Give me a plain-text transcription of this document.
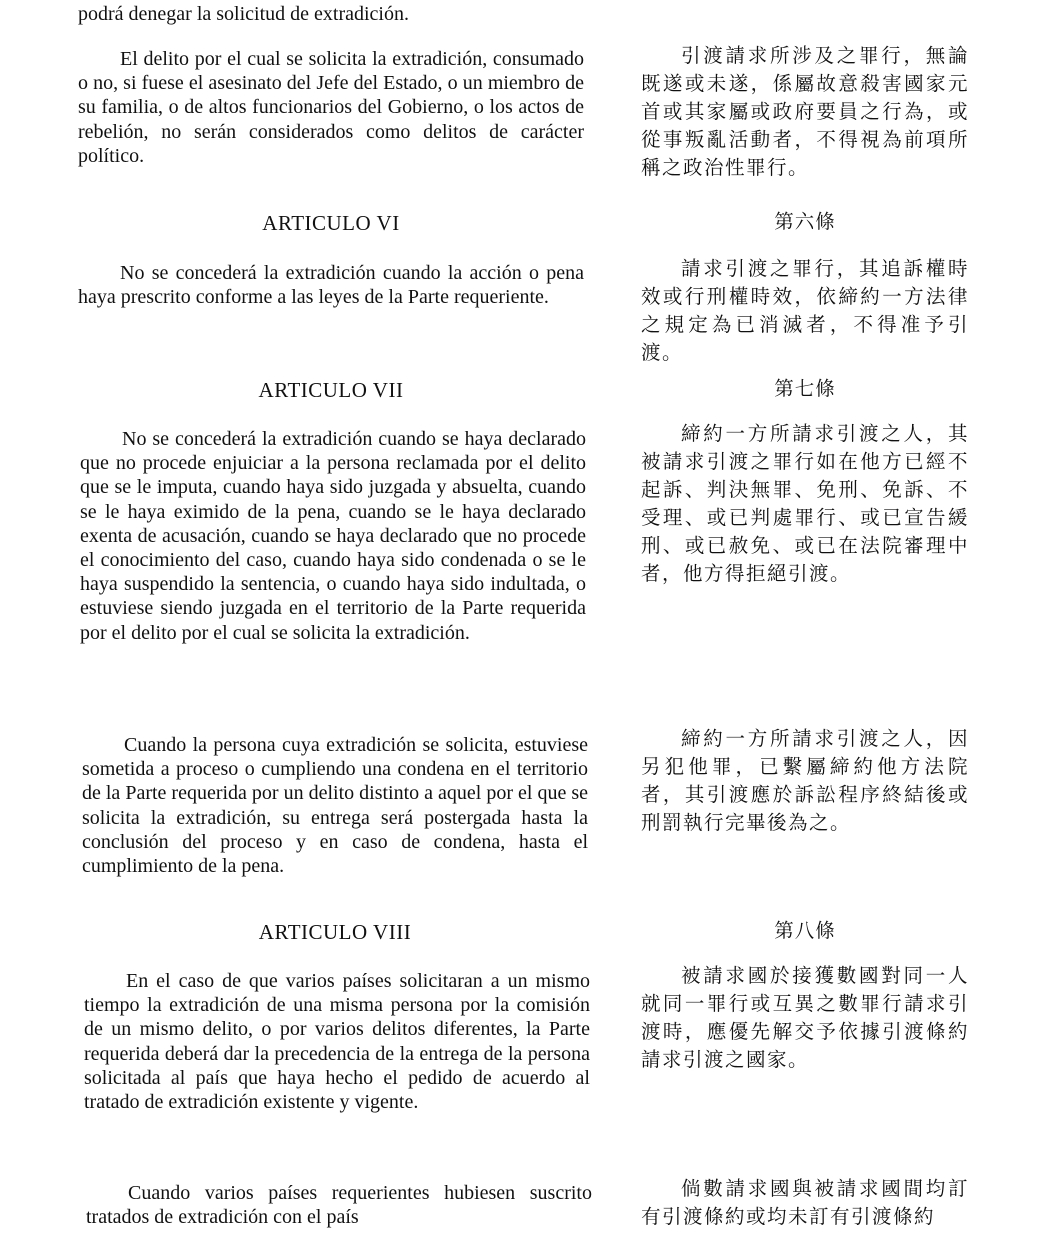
podrá denegar la solicitud de extradición.

El delito por el cual se solicita la extradición, consumado o no, si fuese el asesinato del Jefe del Estado, o un miembro de su familia, o de altos funcionarios del Gobierno, o los actos de rebelión, no serán considerados como delitos de carácter político.

ARTICULO VI

No se concederá la extradición cuando la acción o pena haya prescrito conforme a las leyes de la Parte requeriente.

ARTICULO VII

No se concederá la extradición cuando se haya declarado que no procede enjuiciar a la persona reclamada por el delito que se le imputa, cuando haya sido juzgada y absuelta, cuando se le haya eximido de la pena, cuando se le haya declarado exenta de acusación, cuando se haya declarado que no procede el conocimiento del caso, cuando haya sido condenada o se le haya suspendido la sentencia, o cuando haya sido indultada, o estuviese siendo juzgada en el territorio de la Parte requerida por el delito por el cual se solicita la extradición.

Cuando la persona cuya extradición se solicita, estuviese sometida a proceso o cumpliendo una condena en el territorio de la Parte requerida por un delito distinto a aquel por el que se solicita la extradición, su entrega será postergada hasta la conclusión del proceso y en caso de condena, hasta el cumplimiento de la pena.

ARTICULO VIII

En el caso de que varios países solicitaran a un mismo tiempo la extradición de una misma persona por la comisión de un mismo delito, o por varios delitos diferentes, la Parte requerida deberá dar la precedencia de la entrega de la persona solicitada al país que haya hecho el pedido de acuerdo al tratado de extradición existente y vigente.

Cuando varios países requerientes hubiesen suscrito tratados de extradición con el país

引渡請求所涉及之罪行，無論既遂或未遂，係屬故意殺害國家元首或其家屬或政府要員之行為，或從事叛亂活動者，不得視為前項所稱之政治性罪行。

第六條

請求引渡之罪行，其追訴權時效或行刑權時效，依締約一方法律之規定為已消滅者，不得准予引渡。

第七條

締約一方所請求引渡之人，其被請求引渡之罪行如在他方已經不起訴、判決無罪、免刑、免訴、不受理、或已判處罪行、或已宣告緩刑、或已赦免、或已在法院審理中者，他方得拒絕引渡。

締約一方所請求引渡之人，因另犯他罪，已繫屬締約他方法院者，其引渡應於訴訟程序終結後或刑罰執行完畢後為之。

第八條

被請求國於接獲數國對同一人就同一罪行或互異之數罪行請求引渡時，應優先解交予依據引渡條約請求引渡之國家。

倘數請求國與被請求國間均訂有引渡條約或均未訂有引渡條約
